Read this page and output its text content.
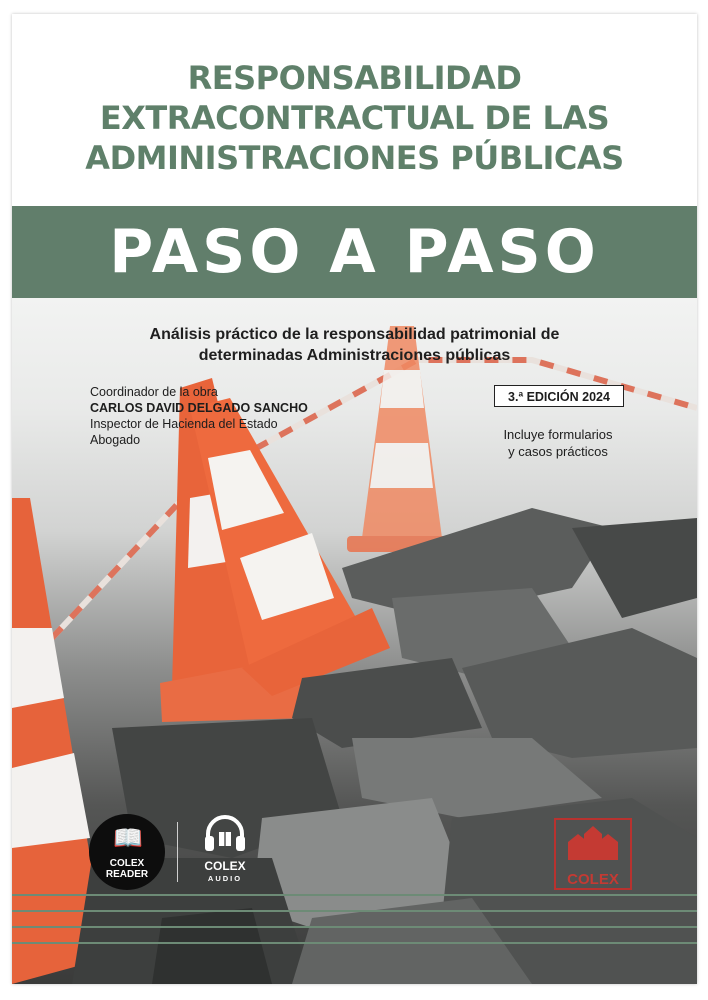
RESPONSABILIDAD
EXTRACONTRACTUAL DE LAS
ADMINISTRACIONES PÚBLICAS
PASO A PASO
Análisis práctico de la responsabilidad patrimonial de
determinadas Administraciones públicas
Coordinador de la obra
CARLOS DAVID DELGADO SANCHO
Inspector de Hacienda del Estado
Abogado
3.ª EDICIÓN 2024
Incluye formularios
y casos prácticos
📖
COLEX
READER
COLEX
AUDIO	COLEX
